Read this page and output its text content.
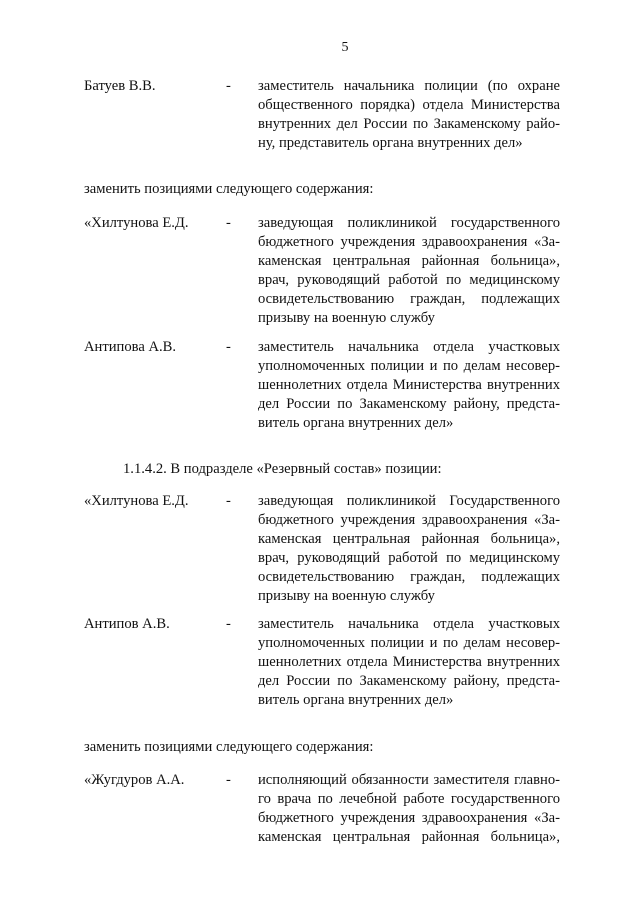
5
Батуев В.В.	- заместитель начальника полиции (по охране
общественного порядка) отдела Министерства
внутренних дел России по Закаменскому райо-
ну, представитель органа внутренних дел»
заменить позициями следующего содержания:
«Хилтунова Е.Д.	- заведующая поликлиникой государственного
бюджетного учреждения здравоохранения «За-
каменская центральная районная больница»,
врач, руководящий работой по медицинскому
освидетельствованию граждан, подлежащих
призыву на военную службу
Антипова А.В.	- заместитель начальника отдела участковых
уполномоченных полиции и по делам несовер-
шеннолетних отдела Министерства внутренних
дел России по Закаменскому району, предста-
витель органа внутренних дел»
1.1.4.2. В подразделе «Резервный состав» позиции:
«Хилтунова Е.Д.	- заведующая поликлиникой Государственного
бюджетного учреждения здравоохранения «За-
каменская центральная районная больница»,
врач, руководящий работой по медицинскому
освидетельствованию граждан, подлежащих
призыву на военную службу
Антипов А.В.	- заместитель начальника отдела участковых
уполномоченных полиции и по делам несовер-
шеннолетних отдела Министерства внутренних
дел России по Закаменскому району, предста-
витель органа внутренних дел»
заменить позициями следующего содержания:
«Жугдуров А.А.	- исполняющий обязанности заместителя главно-
го врача по лечебной работе государственного
бюджетного учреждения здравоохранения «За-
каменская центральная районная больница»,
